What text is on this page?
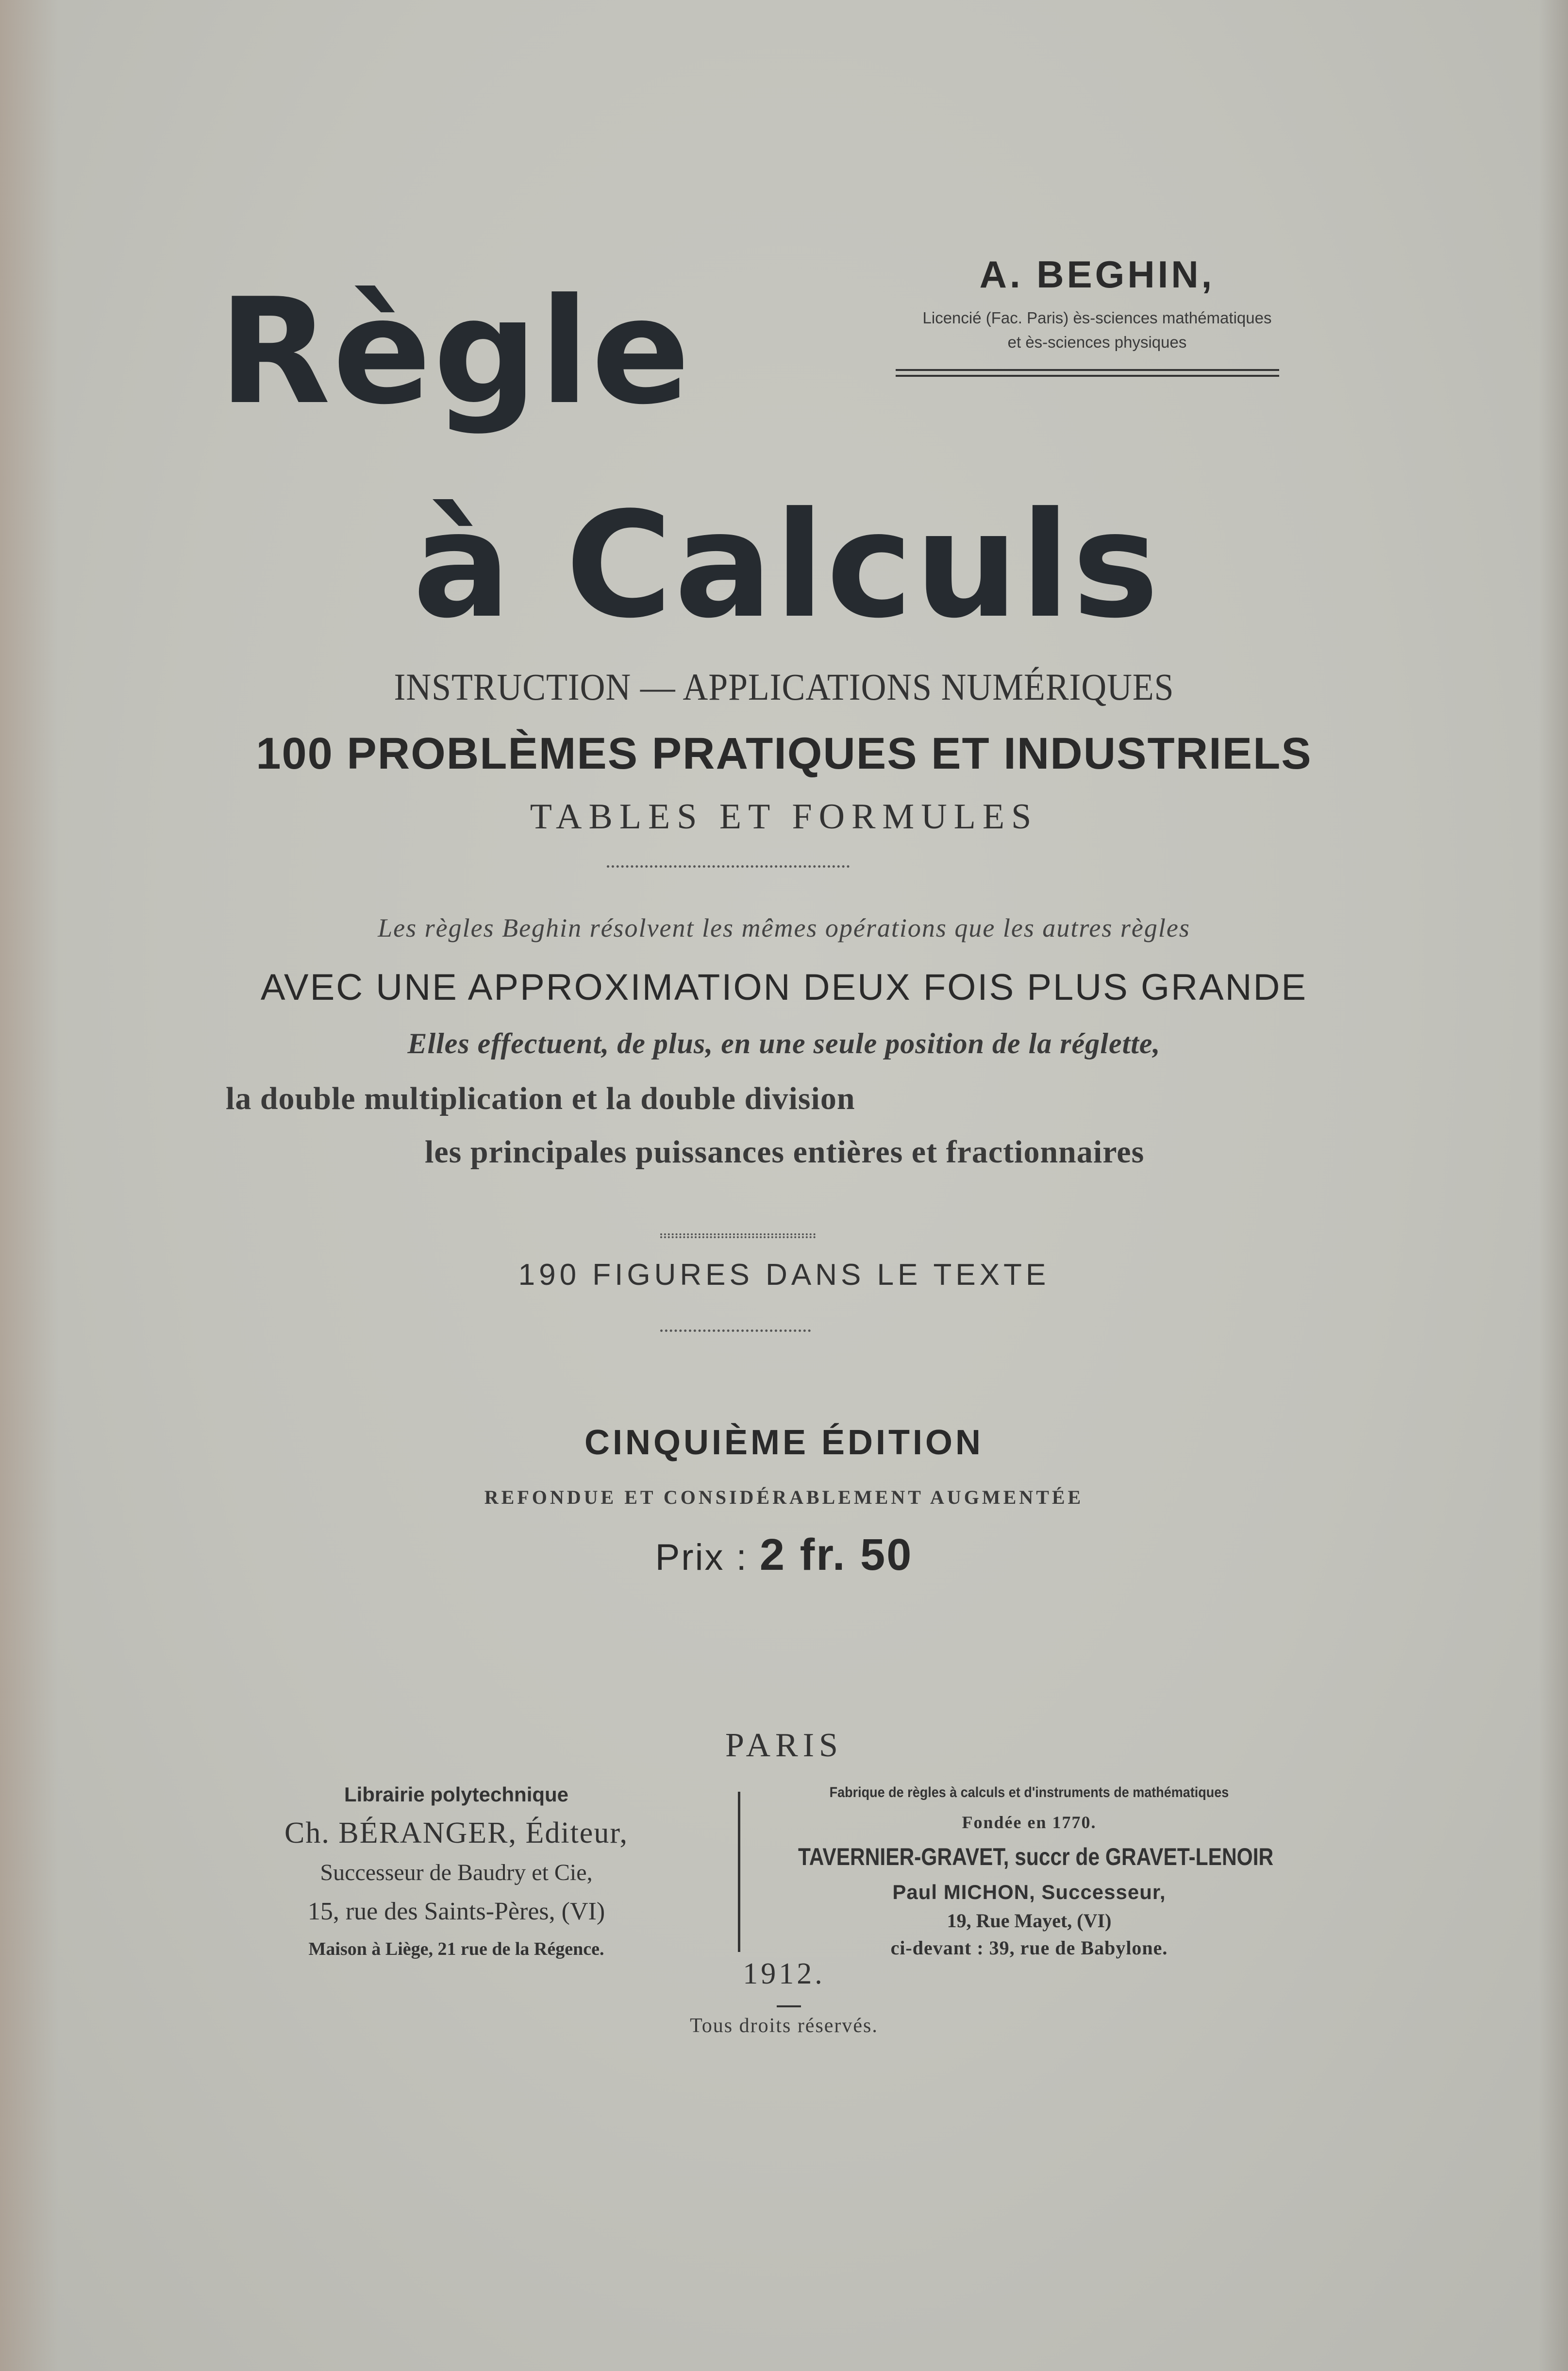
A. BEGHIN,
Licencié (Fac. Paris) ès-sciences mathématiques
et ès-sciences physiques
Règle
à Calculs
INSTRUCTION — APPLICATIONS NUMÉRIQUES
100 PROBLÈMES PRATIQUES ET INDUSTRIELS
TABLES ET FORMULES
Les règles Beghin résolvent les mêmes opérations que les autres règles
AVEC UNE APPROXIMATION DEUX FOIS PLUS GRANDE
Elles effectuent, de plus, en une seule position de la réglette,
la double multiplication et la double division
les principales puissances entières et fractionnaires
190 FIGURES DANS LE TEXTE
CINQUIÈME ÉDITION
REFONDUE ET CONSIDÉRABLEMENT AUGMENTÉE
Prix : 2 fr. 50
PARIS
Librairie polytechnique
Ch. BÉRANGER, Éditeur,
Successeur de Baudry et Cie,
15, rue des Saints-Pères, (VI)
Maison à Liège, 21 rue de la Régence.
Fabrique de règles à calculs et d'instruments de mathématiques
Fondée en 1770.
TAVERNIER-GRAVET, succr de GRAVET-LENOIR
Paul MICHON, Successeur,
19, Rue Mayet, (VI)
ci-devant : 39, rue de Babylone.
1912.
Tous droits réservés.
